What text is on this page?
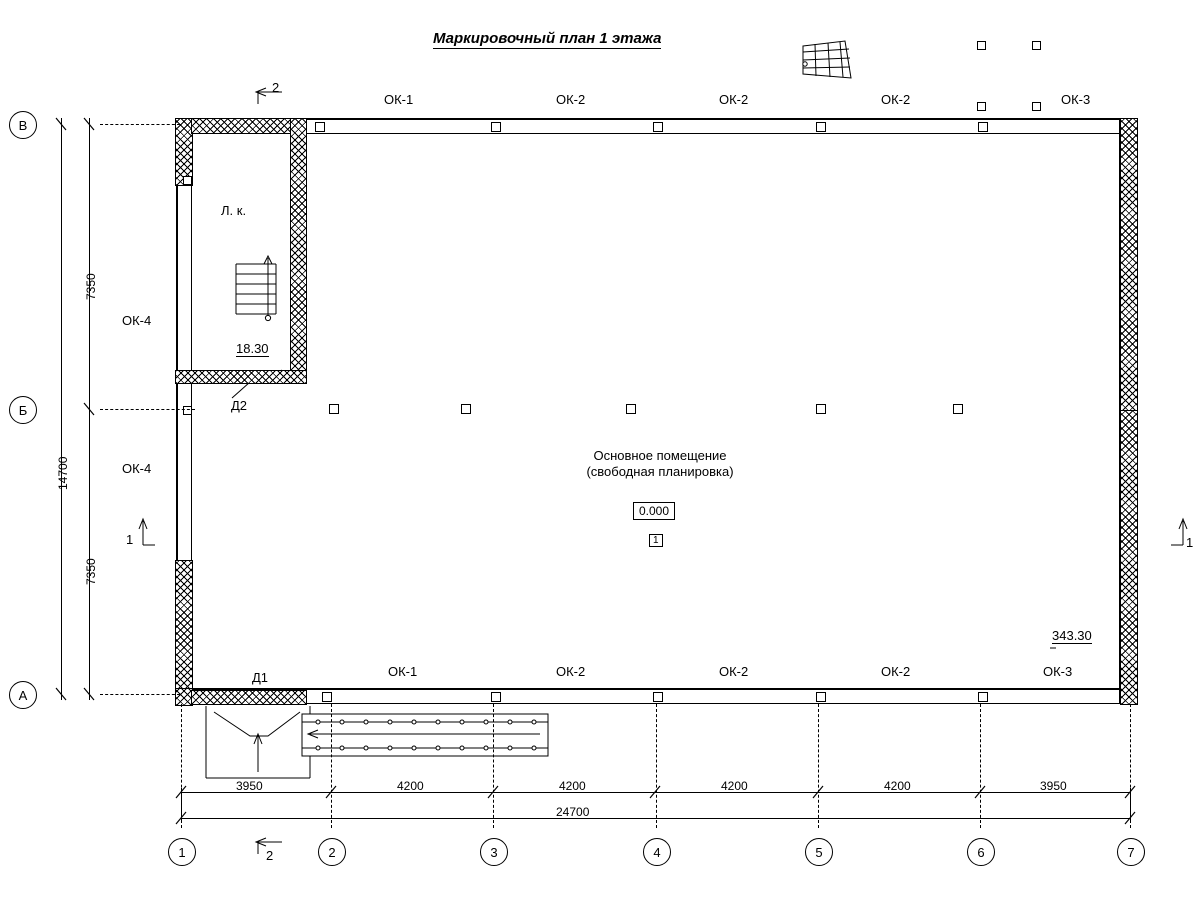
Маркировочный план 1 этажа
7350
7350
14700
3950	4200	4200	4200	4200	3950
24700
В
Б
А
1	2	3	4	5	6	7
2
2
1	1
ОК-1	ОК-2	ОК-2	ОК-2	ОК-3
ОК-1	ОК-2	ОК-2	ОК-2	ОК-3
ОК-4
ОК-4
Л. к.
18.30
Д2
Д1
Основное помещение
(свободная планировка)
0.000
1
343.30
